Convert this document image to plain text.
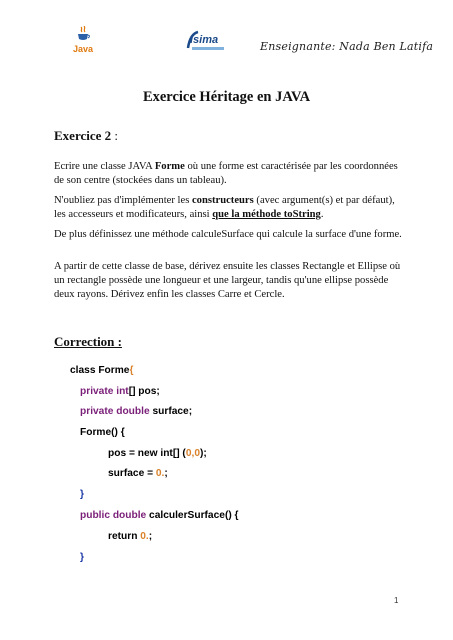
Java
isima	Enseignante: Nada Ben Latifa
Exercice Héritage en JAVA
Exercice 2 :
Ecrire une classe JAVA Forme où une forme est caractérisée par les coordonnées de son centre (stockées dans un tableau).
N'oubliez pas d'implémenter les constructeurs (avec argument(s) et par défaut), les accesseurs et modificateurs, ainsi que la méthode toString.
De plus définissez une méthode calculeSurface qui calcule la surface d'une forme.
A partir de cette classe de base, dérivez ensuite les classes Rectangle et Ellipse où un rectangle possède une longueur et une largeur, tandis qu'une ellipse possède deux rayons. Dérivez enfin les classes Carre et Cercle.
Correction :
class Forme{
private int[] pos;
private double surface;
Forme() {
pos = new int[] (0,0);
surface = 0.;
}
public double calculerSurface() {
return 0.;
}
1
